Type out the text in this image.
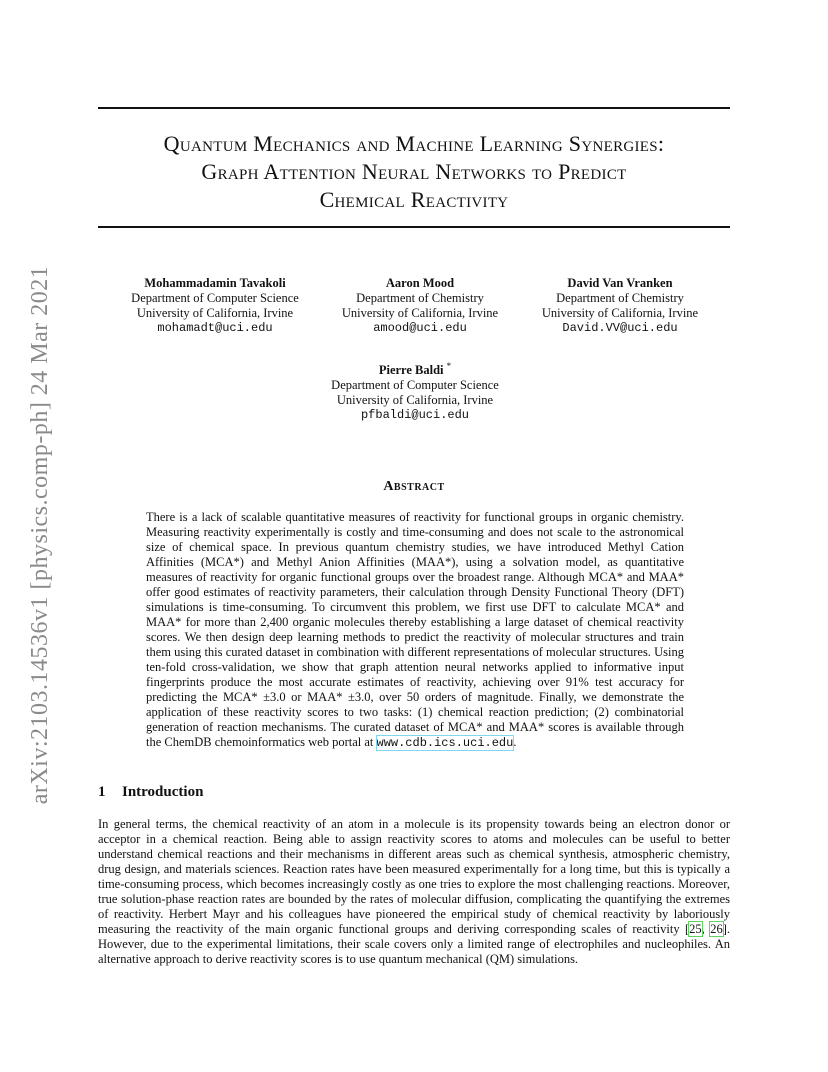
arXiv:2103.14536v1 [physics.comp-ph] 24 Mar 2021
Quantum Mechanics and Machine Learning Synergies:
Graph Attention Neural Networks to Predict
Chemical Reactivity
Mohammadamin Tavakoli
Department of Computer Science
University of California, Irvine
mohamadt@uci.edu
Aaron Mood
Department of Chemistry
University of California, Irvine
amood@uci.edu
David Van Vranken
Department of Chemistry
University of California, Irvine
David.VV@uci.edu
Pierre Baldi *
Department of Computer Science
University of California, Irvine
pfbaldi@uci.edu
Abstract
There is a lack of scalable quantitative measures of reactivity for functional groups in organic chemistry. Measuring reactivity experimentally is costly and time-consuming and does not scale to the astronomical size of chemical space. In previous quantum chemistry studies, we have introduced Methyl Cation Affinities (MCA*) and Methyl Anion Affinities (MAA*), using a solvation model, as quantitative measures of reactivity for organic functional groups over the broadest range. Although MCA* and MAA* offer good estimates of reactivity parameters, their calculation through Density Functional Theory (DFT) simulations is time-consuming. To circumvent this problem, we first use DFT to calculate MCA* and MAA* for more than 2,400 organic molecules thereby establishing a large dataset of chemical reactivity scores. We then design deep learning methods to predict the reactivity of molecular structures and train them using this curated dataset in combination with different representations of molecular structures. Using ten-fold cross-validation, we show that graph attention neural networks applied to informative input fingerprints produce the most accurate estimates of reactivity, achieving over 91% test accuracy for predicting the MCA* ±3.0 or MAA* ±3.0, over 50 orders of magnitude. Finally, we demonstrate the application of these reactivity scores to two tasks: (1) chemical reaction prediction; (2) combinatorial generation of reaction mechanisms. The curated dataset of MCA* and MAA* scores is available through the ChemDB chemoinformatics web portal at www.cdb.ics.uci.edu.
1 Introduction
In general terms, the chemical reactivity of an atom in a molecule is its propensity towards being an electron donor or acceptor in a chemical reaction. Being able to assign reactivity scores to atoms and molecules can be useful to better understand chemical reactions and their mechanisms in different areas such as chemical synthesis, atmospheric chemistry, drug design, and materials sciences. Reaction rates have been measured experimentally for a long time, but this is typically a time-consuming process, which becomes increasingly costly as one tries to explore the most challenging reactions. Moreover, true solution-phase reaction rates are bounded by the rates of molecular diffusion, complicating the quantifying the extremes of reactivity. Herbert Mayr and his colleagues have pioneered the empirical study of chemical reactivity by laboriously measuring the reactivity of the main organic functional groups and deriving corresponding scales of reactivity [25, 26]. However, due to the experimental limitations, their scale covers only a limited range of electrophiles and nucleophiles. An alternative approach to derive reactivity scores is to use quantum mechanical (QM) simulations.
